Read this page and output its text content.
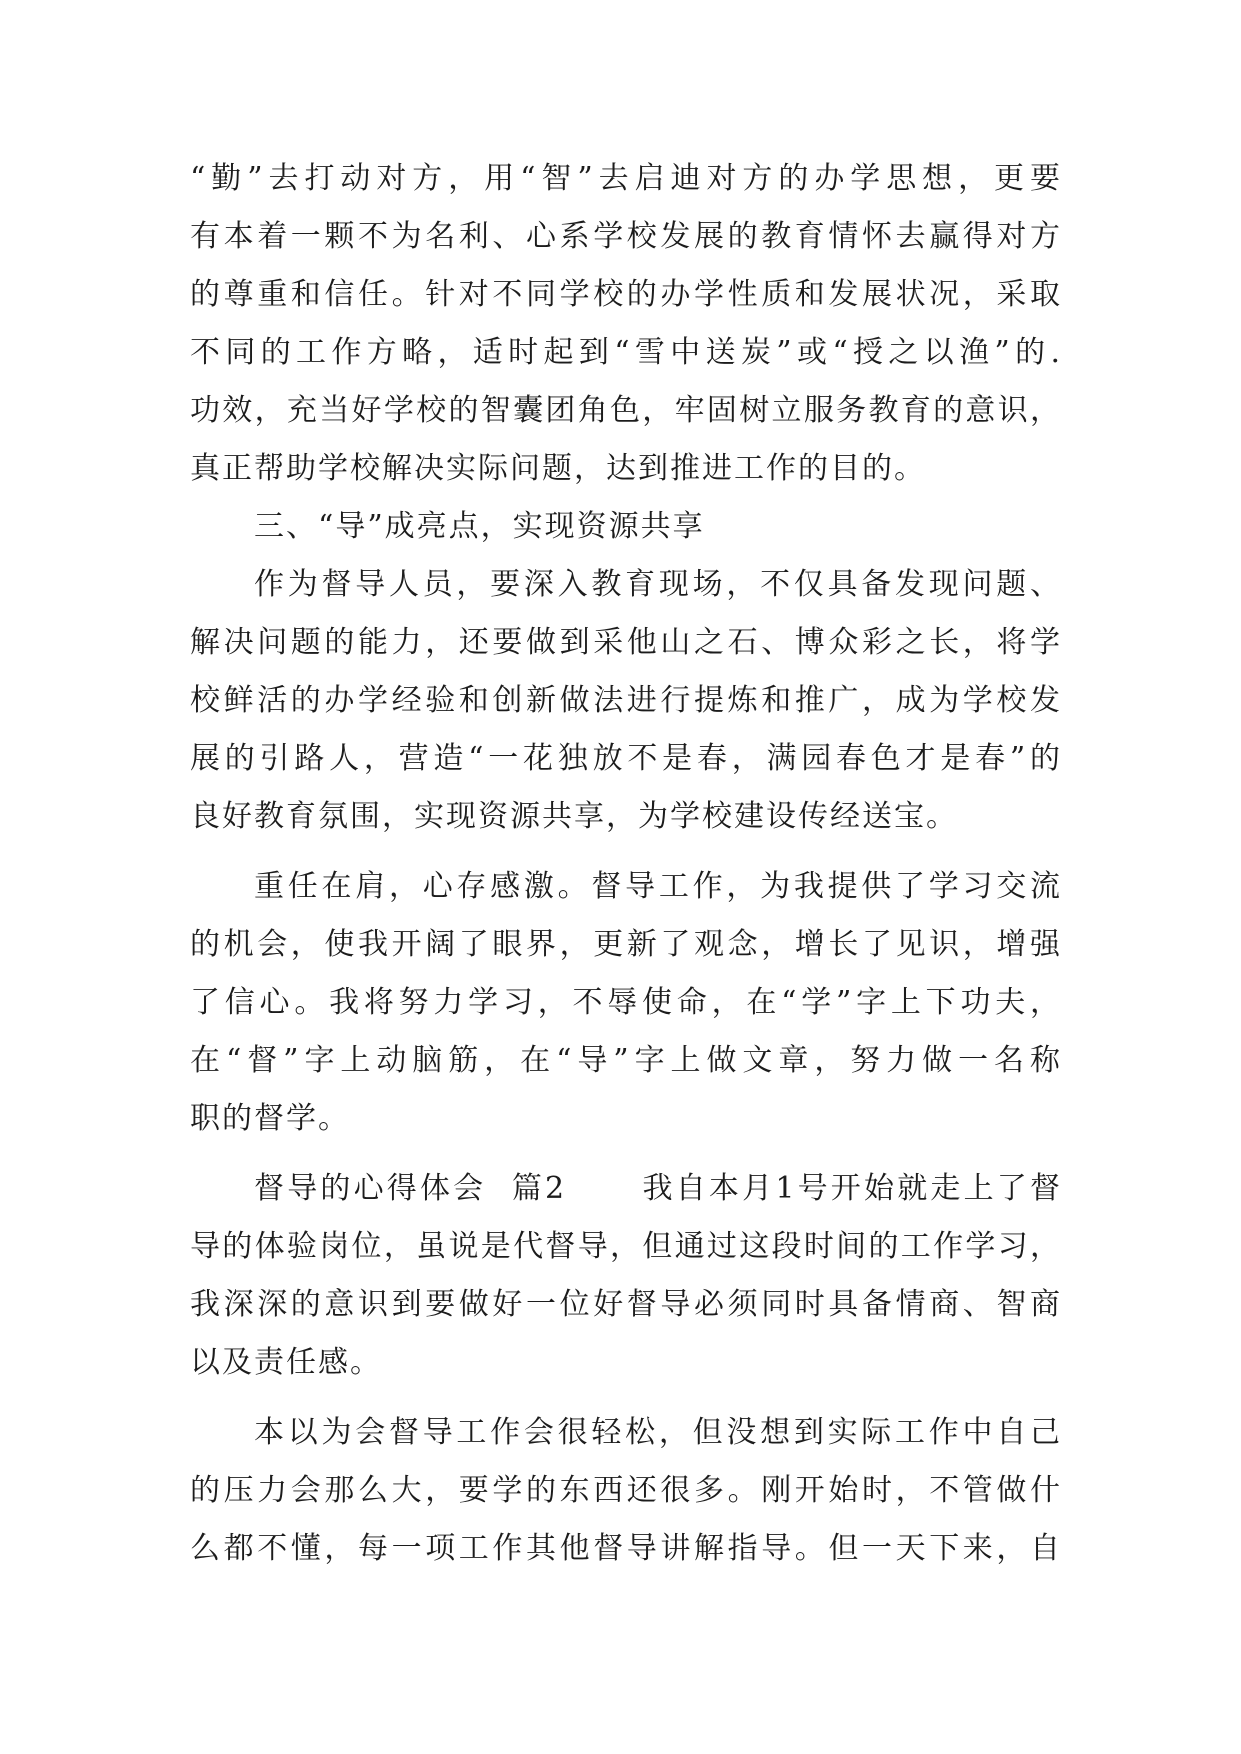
“勤”去打动对方，用“智”去启迪对方的办学思想，更要
有本着一颗不为名利、心系学校发展的教育情怀去赢得对方
的尊重和信任。针对不同学校的办学性质和发展状况，采取
不同的工作方略，适时起到“雪中送炭”或“授之以渔”的.
功效，充当好学校的智囊团角色，牢固树立服务教育的意识，
真正帮助学校解决实际问题，达到推进工作的目的。
三、“导”成亮点，实现资源共享
作为督导人员，要深入教育现场，不仅具备发现问题、
解决问题的能力，还要做到采他山之石、博众彩之长，将学
校鲜活的办学经验和创新做法进行提炼和推广，成为学校发
展的引路人，营造“一花独放不是春，满园春色才是春”的
良好教育氛围，实现资源共享，为学校建设传经送宝。
重任在肩，心存感激。督导工作，为我提供了学习交流
的机会，使我开阔了眼界，更新了观念，增长了见识，增强
了信心。我将努力学习，不辱使命，在“学”字上下功夫，
在“督”字上动脑筋，在“导”字上做文章，努力做一名称
职的督学。
督导的心得体会  篇2      我自本月1号开始就走上了督
导的体验岗位，虽说是代督导，但通过这段时间的工作学习，
我深深的意识到要做好一位好督导必须同时具备情商、智商
以及责任感。
本以为会督导工作会很轻松，但没想到实际工作中自己
的压力会那么大，要学的东西还很多。刚开始时，不管做什
么都不懂，每一项工作其他督导讲解指导。但一天下来，自
